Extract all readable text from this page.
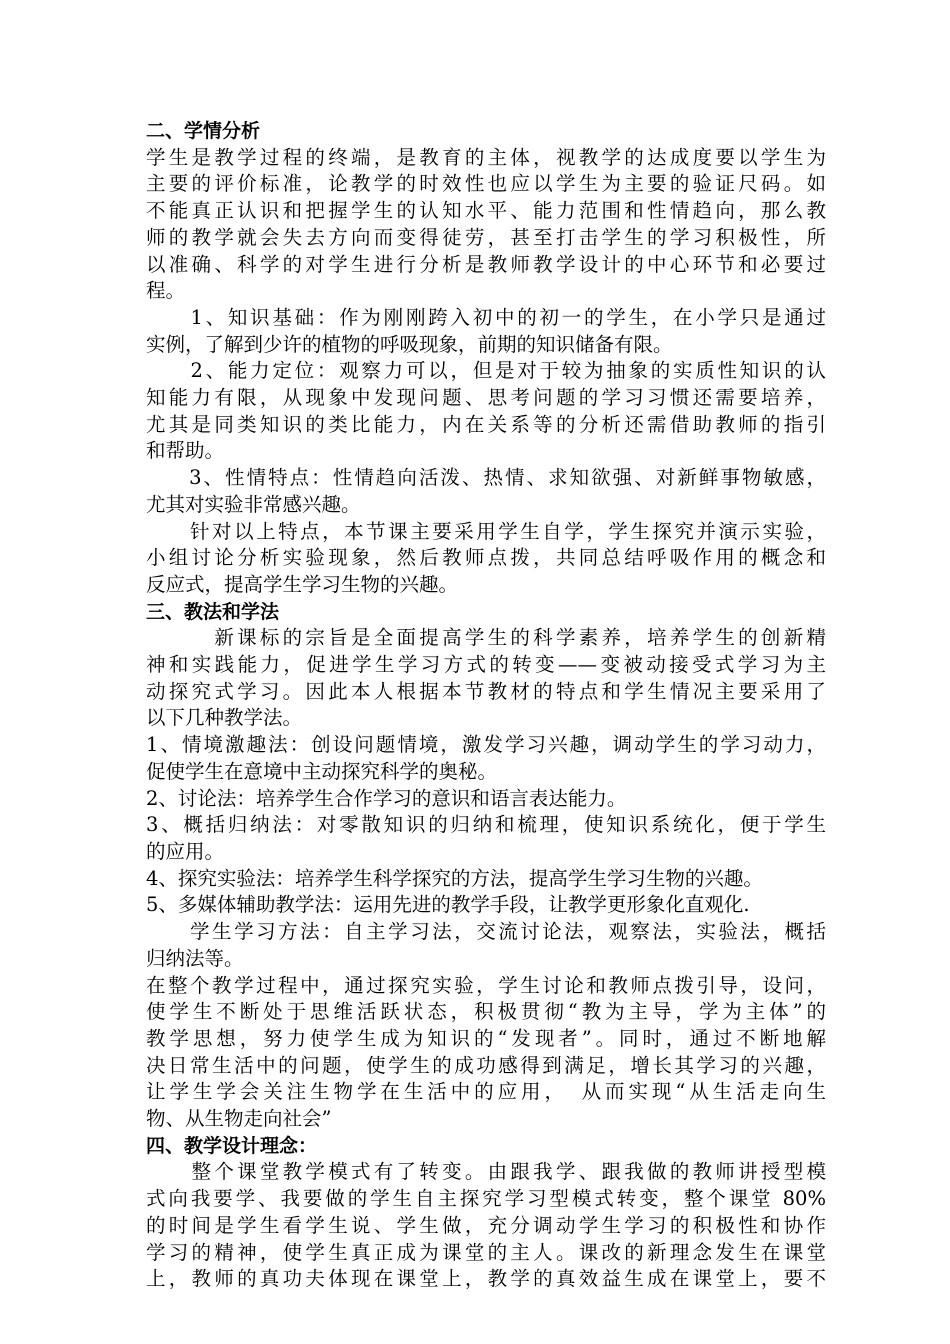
二、学情分析
学生是教学过程的终端，是教育的主体，视教学的达成度要以学生为
主要的评价标准，论教学的时效性也应以学生为主要的验证尺码。如
不能真正认识和把握学生的认知水平、能力范围和性情趋向，那么教
师的教学就会失去方向而变得徒劳，甚至打击学生的学习积极性，所
以准确、科学的对学生进行分析是教师教学设计的中心环节和必要过
程。
　　1、知识基础：作为刚刚跨入初中的初一的学生，在小学只是通过
实例，了解到少许的植物的呼吸现象，前期的知识储备有限。
　　2、能力定位：观察力可以，但是对于较为抽象的实质性知识的认
知能力有限，从现象中发现问题、思考问题的学习习惯还需要培养，
尤其是同类知识的类比能力，内在关系等的分析还需借助教师的指引
和帮助。
　　3、性情特点：性情趋向活泼、热情、求知欲强、对新鲜事物敏感，
尤其对实验非常感兴趣。
　　针对以上特点，本节课主要采用学生自学，学生探究并演示实验，
小组讨论分析实验现象，然后教师点拨，共同总结呼吸作用的概念和
反应式，提高学生学习生物的兴趣。
三、教法和学法
　　　新课标的宗旨是全面提高学生的科学素养，培养学生的创新精
神和实践能力，促进学生学习方式的转变——变被动接受式学习为主
动探究式学习。因此本人根据本节教材的特点和学生情况主要采用了
以下几种教学法。
1、情境激趣法：创设问题情境，激发学习兴趣，调动学生的学习动力，
促使学生在意境中主动探究科学的奥秘。
2、讨论法：培养学生合作学习的意识和语言表达能力。
3、概括归纳法：对零散知识的归纳和梳理，使知识系统化，便于学生
的应用。
4、探究实验法：培养学生科学探究的方法，提高学生学习生物的兴趣。
5、多媒体辅助教学法：运用先进的教学手段，让教学更形象化直观化.
　　学生学习方法：自主学习法，交流讨论法，观察法，实验法，概括
归纳法等。
在整个教学过程中，通过探究实验，学生讨论和教师点拨引导，设问，
使学生不断处于思维活跃状态，积极贯彻“教为主导，学为主体”的
教学思想，努力使学生成为知识的“发现者”。同时，通过不断地解
决日常生活中的问题，使学生的成功感得到满足，增长其学习的兴趣，
让学生学会关注生物学在生活中的应用，　从而实现“从生活走向生
物、从生物走向社会”
四、教学设计理念：
　　整个课堂教学模式有了转变。由跟我学、跟我做的教师讲授型模
式向我要学、我要做的学生自主探究学习型模式转变，整个课堂 80%
的时间是学生看学生说、学生做，充分调动学生学习的积极性和协作
学习的精神，使学生真正成为课堂的主人。课改的新理念发生在课堂
上，教师的真功夫体现在课堂上，教学的真效益生成在课堂上，要不
